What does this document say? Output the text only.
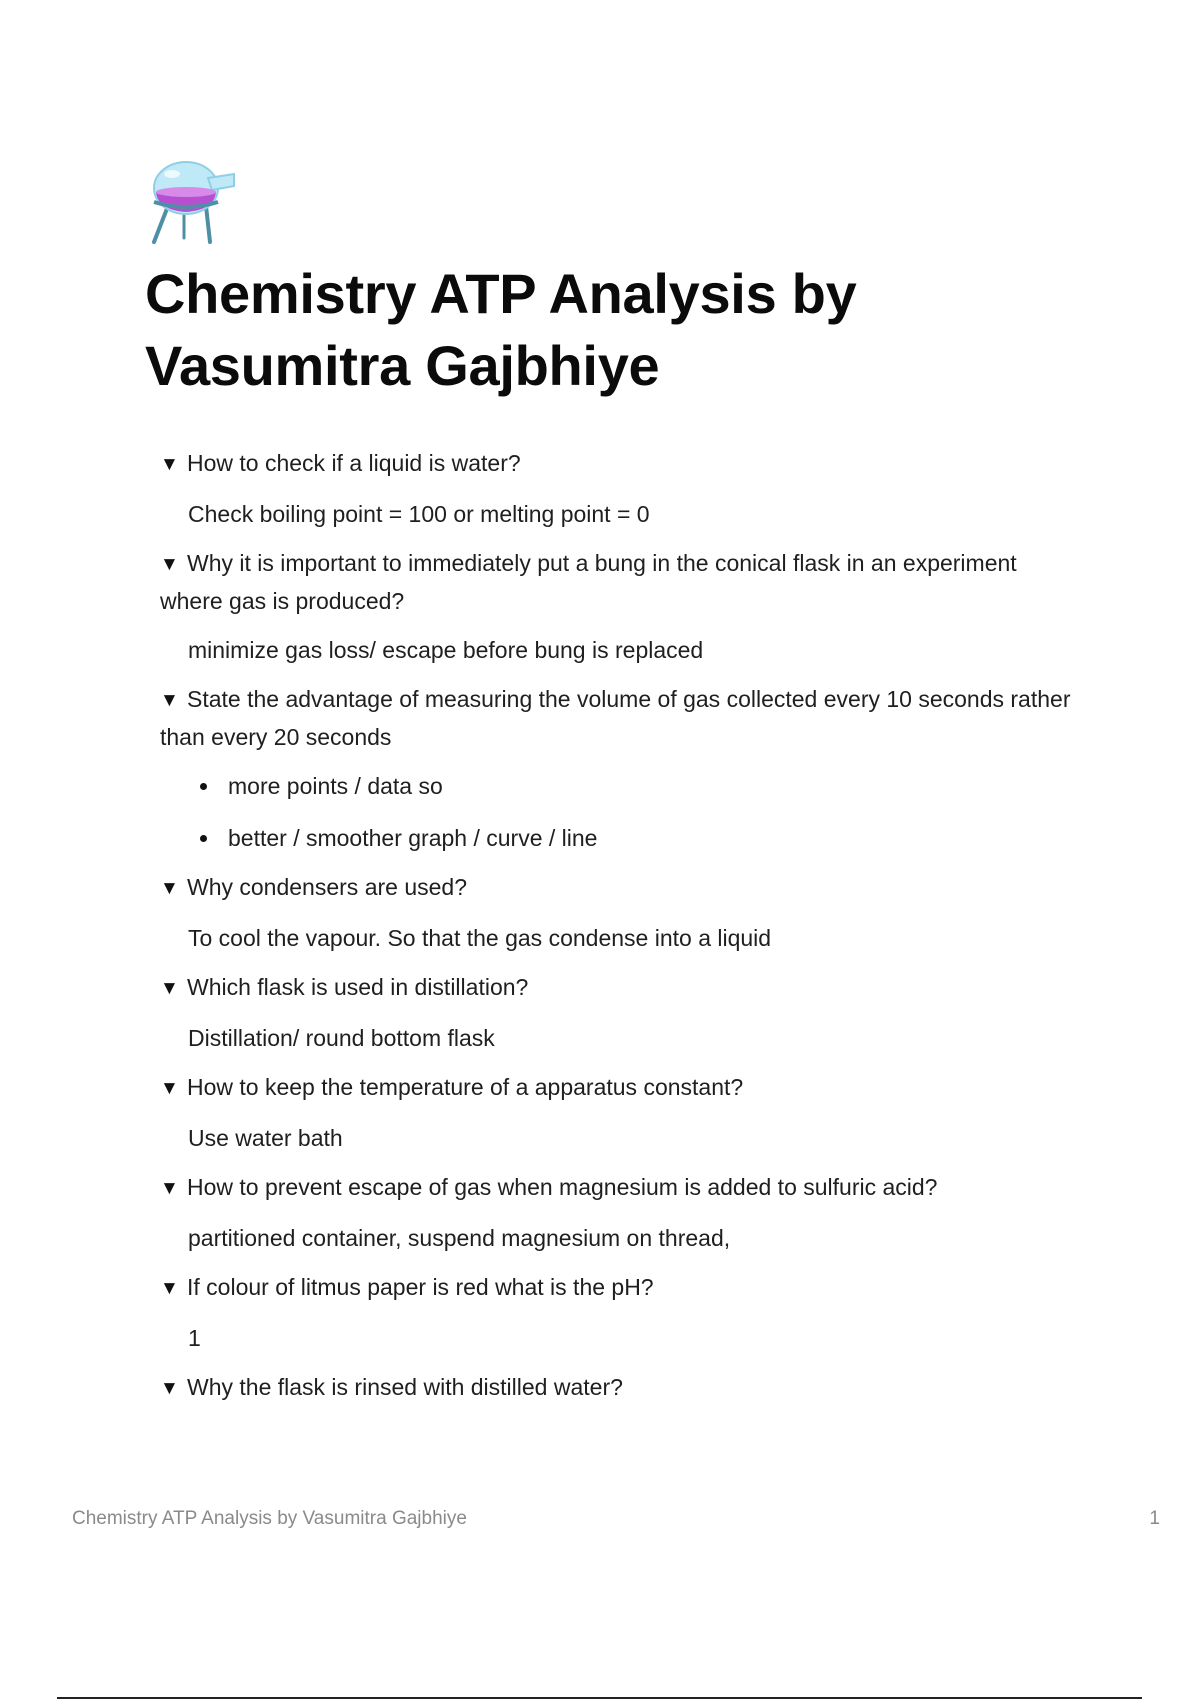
Chemistry ATP Analysis by Vasumitra Gajbhiye

▼ How to check if a liquid is water?

Check boiling point = 100 or melting point = 0

▼ Why it is important to immediately put a bung in the conical flask in an experiment where gas is produced?

minimize gas loss/ escape before bung is replaced

▼ State the advantage of measuring the volume of gas collected every 10 seconds rather than every 20 seconds

more points / data so
better / smoother graph / curve / line

▼ Why condensers are used?

To cool the vapour. So that the gas condense into a liquid

▼ Which flask is used in distillation?

Distillation/ round bottom flask

▼ How to keep the temperature of a apparatus constant?

Use water bath

▼ How to prevent escape of gas when magnesium is added to sulfuric acid?

partitioned container, suspend magnesium on thread,

▼ If colour of litmus paper is red what is the pH?

1

▼ Why the flask is rinsed with distilled water?

Chemistry ATP Analysis by Vasumitra Gajbhiye	1
